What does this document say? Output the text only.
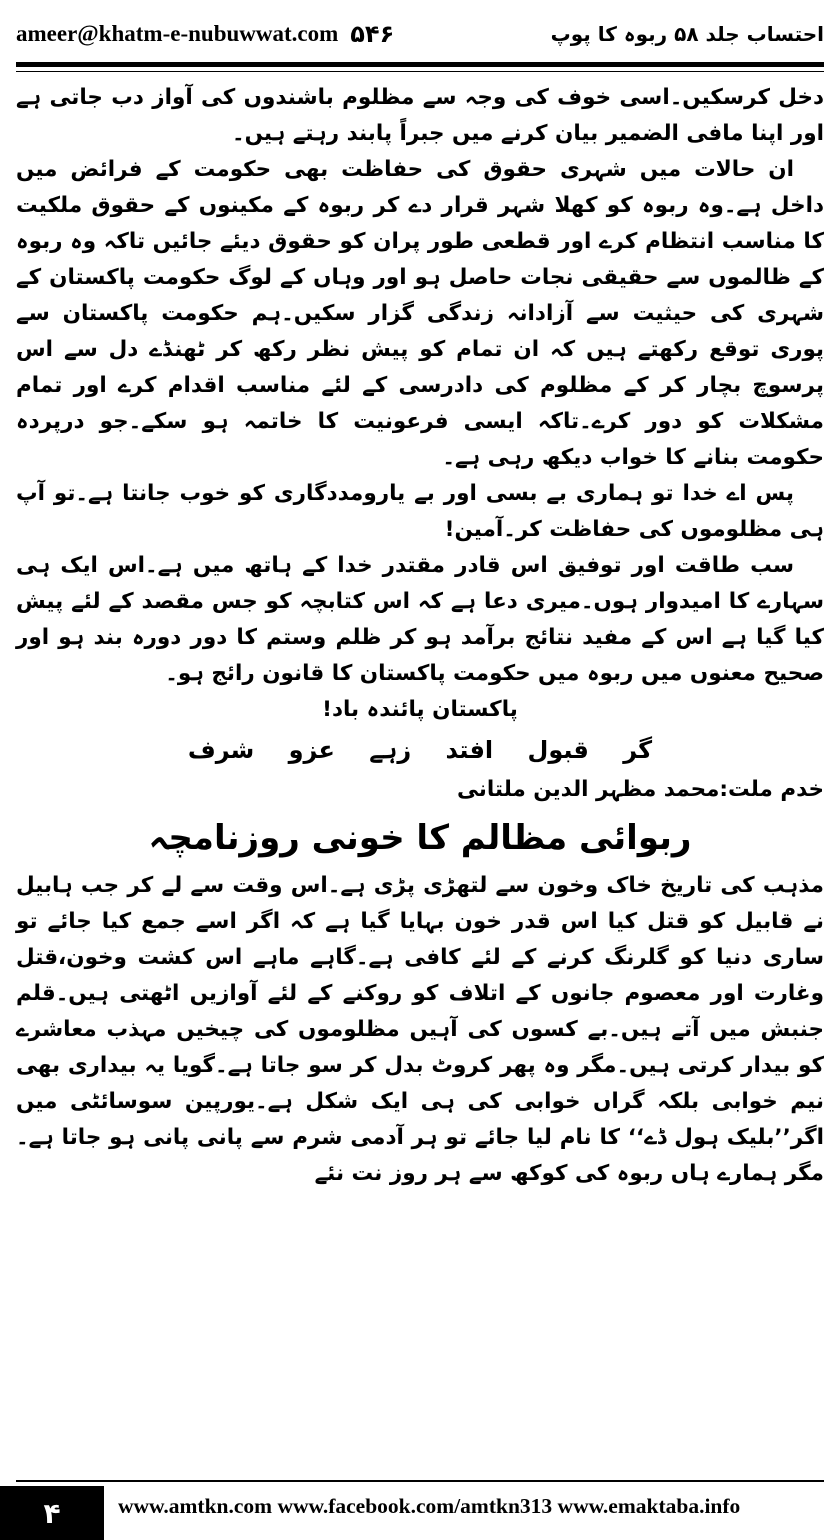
ameer@khatm-e-nubuwwat.com ۵۴۶	احتساب جلد ۵۸ ربوہ کا پوپ

دخل کرسکیں۔اسی خوف کی وجہ سے مظلوم باشندوں کی آواز دب جاتی ہے اور اپنا مافی الضمیر بیان کرنے میں جبراً پابند رہتے ہیں۔

ان حالات میں شہری حقوق کی حفاظت بھی حکومت کے فرائض میں داخل ہے۔وہ ربوہ کو کھلا شہر قرار دے کر ربوہ کے مکینوں کے حقوق ملکیت کا مناسب انتظام کرے اور قطعی طور پران کو حقوق دیئے جائیں تاکہ وہ ربوہ کے ظالموں سے حقیقی نجات حاصل ہو اور وہاں کے لوگ حکومت پاکستان کے شہری کی حیثیت سے آزادانہ زندگی گزار سکیں۔ہم حکومت پاکستان سے پوری توقع رکھتے ہیں کہ ان تمام کو پیش نظر رکھ کر ٹھنڈے دل سے اس پرسوچ بچار کر کے مظلوم کی دادرسی کے لئے مناسب اقدام کرے اور تمام مشکلات کو دور کرے۔تاکہ ایسی فرعونیت کا خاتمہ ہو سکے۔جو درپردہ حکومت بنانے کا خواب دیکھ رہی ہے۔

پس اے خدا تو ہماری بے بسی اور بے یارومددگاری کو خوب جانتا ہے۔تو آپ ہی مظلوموں کی حفاظت کر۔آمین!

سب طاقت اور توفیق اس قادر مقتدر خدا کے ہاتھ میں ہے۔اس ایک ہی سہارے کا امیدوار ہوں۔میری دعا ہے کہ اس کتابچہ کو جس مقصد کے لئے پیش کیا گیا ہے اس کے مفید نتائج برآمد ہو کر ظلم وستم کا دور دورہ بند ہو اور صحیح معنوں میں ربوہ میں حکومت پاکستان کا قانون رائج ہو۔

پاکستان پائندہ باد!

گر قبول افتد زہے عزو شرف

خدم ملت:محمد مظہر الدین ملتانی

ربوائی مظالم کا خونی روزنامچہ

مذہب کی تاریخ خاک وخون سے لتھڑی پڑی ہے۔اس وقت سے لے کر جب ہابیل نے قابیل کو قتل کیا اس قدر خون بہایا گیا ہے کہ اگر اسے جمع کیا جائے تو ساری دنیا کو گلرنگ کرنے کے لئے کافی ہے۔گاہے ماہے اس کشت وخون،قتل وغارت اور معصوم جانوں کے اتلاف کو روکنے کے لئے آوازیں اٹھتی ہیں۔قلم جنبش میں آتے ہیں۔بے کسوں کی آہیں مظلوموں کی چیخیں مہذب معاشرے کو بیدار کرتی ہیں۔مگر وہ پھر کروٹ بدل کر سو جاتا ہے۔گویا یہ بیداری بھی نیم خوابی بلکہ گراں خوابی کی ہی ایک شکل ہے۔یورپین سوسائٹی میں اگر’’بلیک ہول ڈے‘‘ کا نام لیا جائے تو ہر آدمی شرم سے پانی پانی ہو جاتا ہے۔مگر ہمارے ہاں ربوہ کی کوکھ سے ہر روز نت نئے

۴	www.amtkn.com www.facebook.com/amtkn313 www.emaktaba.info
